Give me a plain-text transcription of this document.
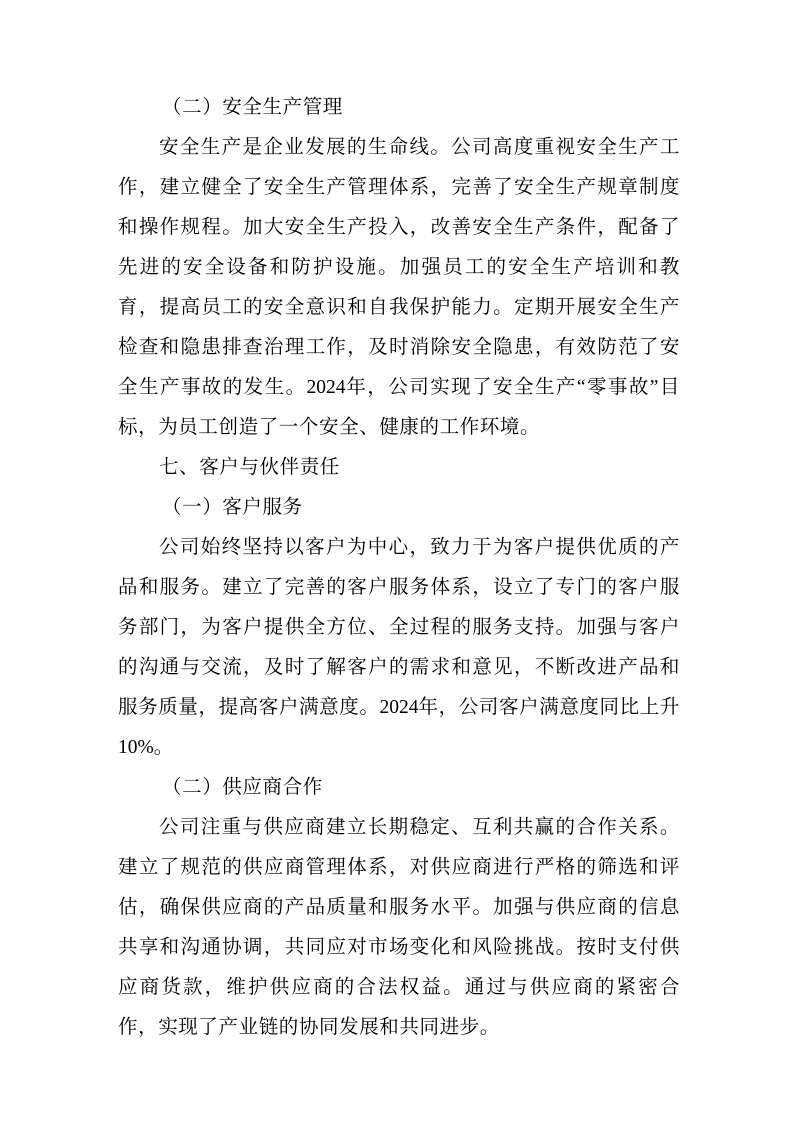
（二）安全生产管理

安全生产是企业发展的生命线。公司高度重视安全生产工作，建立健全了安全生产管理体系，完善了安全生产规章制度和操作规程。加大安全生产投入，改善安全生产条件，配备了先进的安全设备和防护设施。加强员工的安全生产培训和教育，提高员工的安全意识和自我保护能力。定期开展安全生产检查和隐患排查治理工作，及时消除安全隐患，有效防范了安全生产事故的发生。2024年，公司实现了安全生产“零事故”目标，为员工创造了一个安全、健康的工作环境。

七、客户与伙伴责任

（一）客户服务

公司始终坚持以客户为中心，致力于为客户提供优质的产品和服务。建立了完善的客户服务体系，设立了专门的客户服务部门，为客户提供全方位、全过程的服务支持。加强与客户的沟通与交流，及时了解客户的需求和意见，不断改进产品和服务质量，提高客户满意度。2024年，公司客户满意度同比上升10%。

（二）供应商合作

公司注重与供应商建立长期稳定、互利共赢的合作关系。建立了规范的供应商管理体系，对供应商进行严格的筛选和评估，确保供应商的产品质量和服务水平。加强与供应商的信息共享和沟通协调，共同应对市场变化和风险挑战。按时支付供应商货款，维护供应商的合法权益。通过与供应商的紧密合作，实现了产业链的协同发展和共同进步。
